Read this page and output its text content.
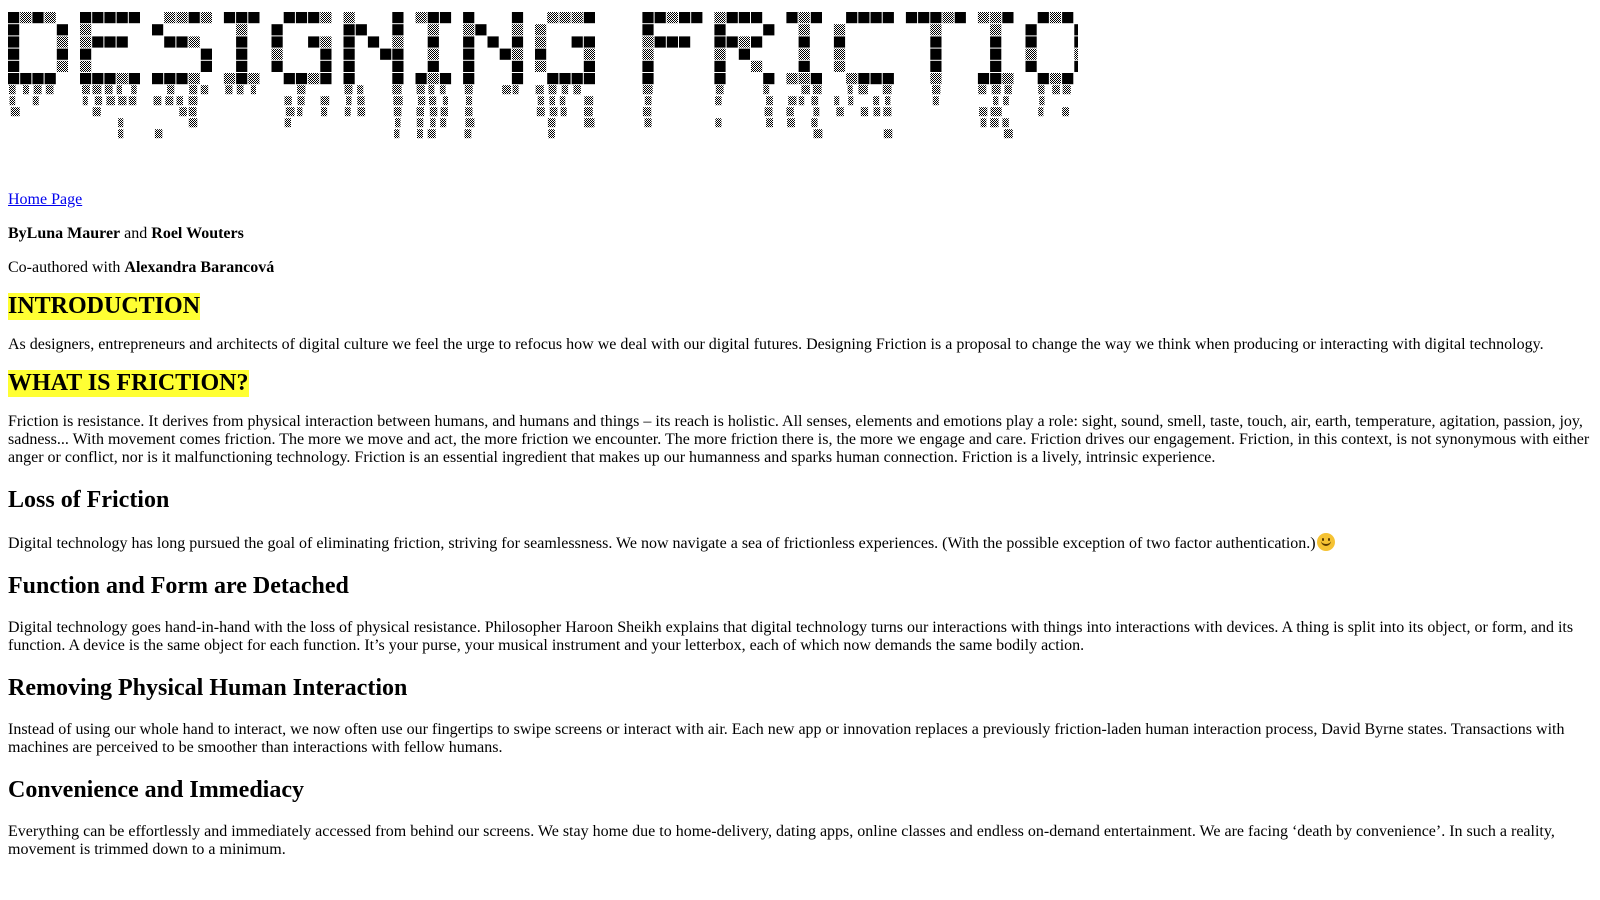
Home Page

ByLuna Maurer and Roel Wouters

Co-authored with Alexandra Barancová

INTRODUCTION

As designers, entrepreneurs and architects of digital culture we feel the urge to refocus how we deal with our digital futures. Designing Friction is a proposal to change the way we think when producing or interacting with digital technology.

WHAT IS FRICTION?

Friction is resistance. It derives from physical interaction between humans, and humans and things – its reach is holistic. All senses, elements and emotions play a role: sight, sound, smell, taste, touch, air, earth, temperature, agitation, passion, joy, sadness... With movement comes friction. The more we move and act, the more friction we encounter. The more friction there is, the more we engage and care. Friction drives our engagement. Friction, in this context, is not synonymous with either anger or conflict, nor is it malfunctioning technology. Friction is an essential ingredient that makes up our humanness and sparks human connection. Friction is a lively, intrinsic experience.

Loss of Friction

Digital technology has long pursued the goal of eliminating friction, striving for seamlessness. We now navigate a sea of frictionless experiences. (With the possible exception of two factor authentication.)

Function and Form are Detached

Digital technology goes hand-in-hand with the loss of physical resistance. Philosopher Haroon Sheikh explains that digital technology turns our interactions with things into interactions with devices. A thing is split into its object, or form, and its function. A device is the same object for each function. It’s your purse, your musical instrument and your letterbox, each of which now demands the same bodily action.

Removing Physical Human Interaction

Instead of using our whole hand to interact, we now often use our fingertips to swipe screens or interact with air. Each new app or innovation replaces a previously friction-laden human interaction process, David Byrne states. Transactions with machines are perceived to be smoother than interactions with fellow humans.

Convenience and Immediacy

Everything can be effortlessly and immediately accessed from behind our screens. We stay home due to home-delivery, dating apps, online classes and endless on-demand entertainment. We are facing ‘death by convenience’. In such a reality, movement is trimmed down to a minimum.
